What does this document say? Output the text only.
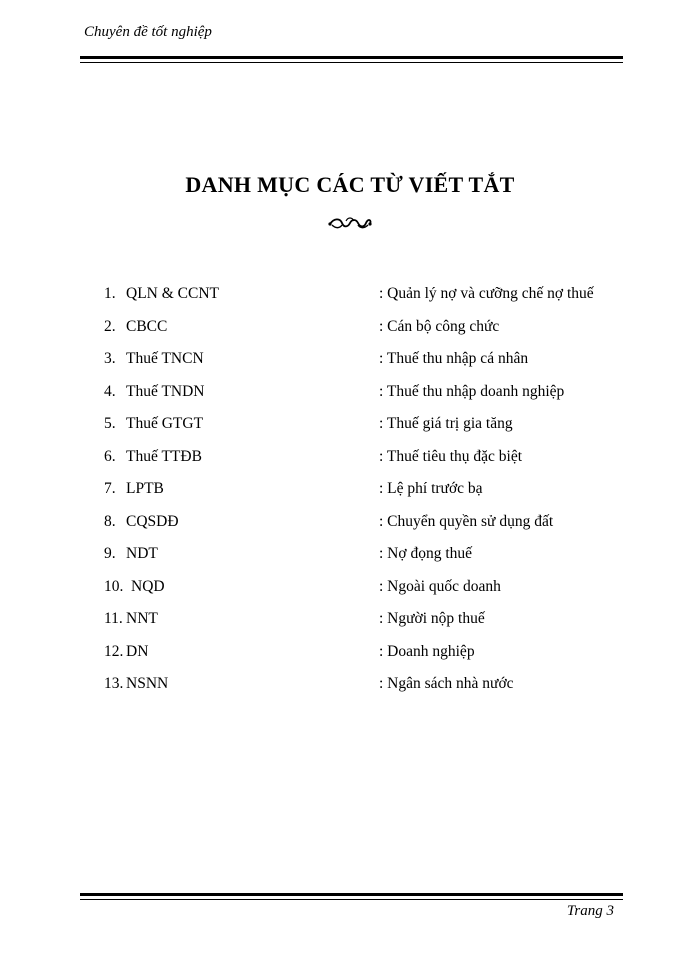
Chuyên đề tốt nghiệp
DANH MỤC CÁC TỪ VIẾT TẮT
1. QLN & CCNT	: Quản lý nợ và cưỡng chế nợ thuế
2. CBCC	: Cán bộ công chức
3. Thuế TNCN	: Thuế thu nhập cá nhân
4. Thuế TNDN	: Thuế thu nhập doanh nghiệp
5. Thuế GTGT	: Thuế giá trị gia tăng
6. Thuế TTĐB	: Thuế tiêu thụ đặc biệt
7. LPTB	: Lệ phí trước bạ
8. CQSDĐ	: Chuyển quyền sử dụng đất
9. NDT	: Nợ đọng thuế
10. NQD	: Ngoài quốc doanh
11. NNT	: Người nộp thuế
12. DN	: Doanh nghiệp
13. NSNN	: Ngân sách nhà nước
Trang 3
